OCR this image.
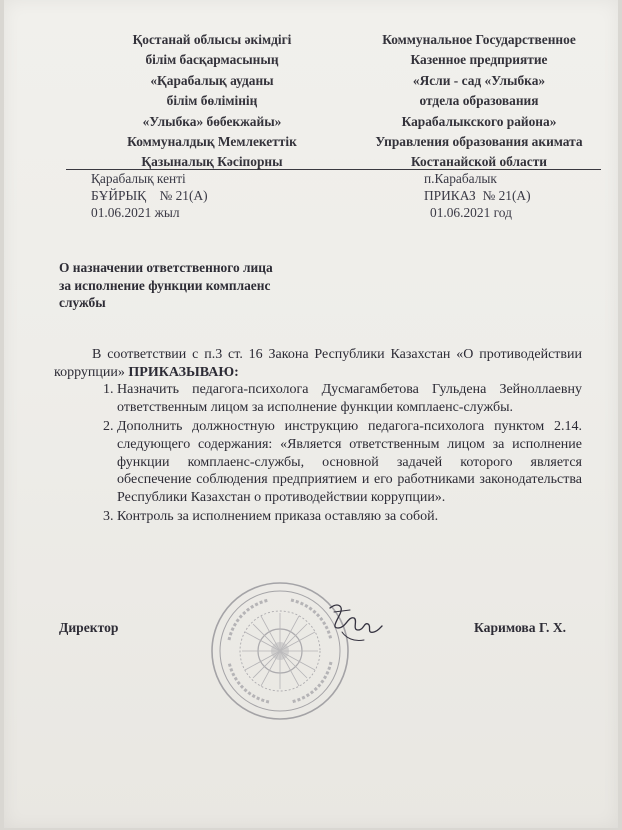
Қостанай облысы әкімдігі
білім басқармасының
«Қарабалық ауданы
білім бөлімінің
«Улыбка» бөбекжайы»
Коммуналдық Мемлекеттік
Қазыналық Кәсіпорны
Коммунальное Государственное
Казенное предприятие
«Ясли - сад «Улыбка»
отдела образования
Карабалыкского района»
Управления образования акимата
Костанайской области
Қарабалық кенті
БҰЙРЫҚ    № 21(А)
01.06.2021 жыл
п.Карабалык
ПРИКАЗ  № 21(А)
01.06.2021 год
О назначении ответственного лица
за исполнение функции комплаенс
службы

В соответствии с п.3 ст. 16 Закона Республики Казахстан «О противодействии коррупции» ПРИКАЗЫВАЮ:

1. Назначить педагога-психолога Дусмагамбетова Гульдена Зейноллаевну ответственным лицом за исполнение функции комплаенс-службы.
2. Дополнить должностную инструкцию педагога-психолога пунктом 2.14. следующего содержания: «Является ответственным лицом за исполнение функции комплаенс-службы, основной задачей которого является обеспечение соблюдения предприятием и его работниками законодательства Республики Казахстан о противодействии коррупции».
3. Контроль за исполнением приказа оставляю за собой.
Директор	Каримова Г. Х.
